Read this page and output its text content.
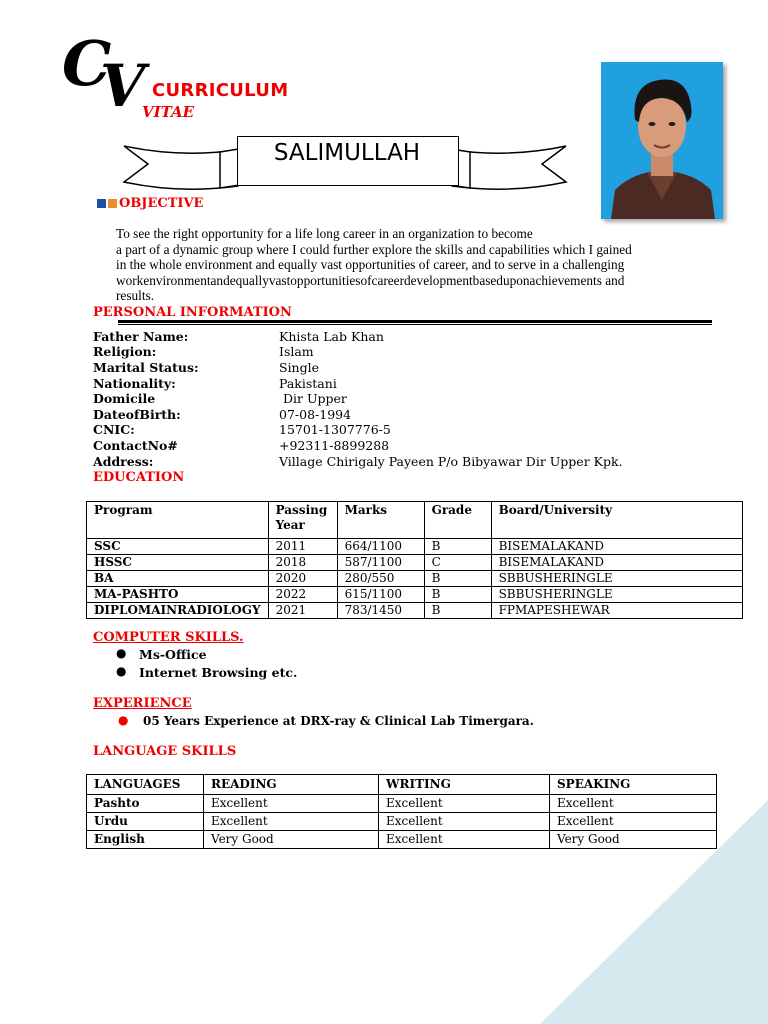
C
V CURRICULUM
VITAE
SALIMULLAH
OBJECTIVE
To see the right opportunity for a life long career in an organization to become
a part of a dynamic group where I could further explore the skills and capabilities which I gained
in the whole environment and equally vast opportunities of career, and to serve in a challenging
workenvironmentandequallyvastopportunitiesofcareerdevelopmentbaseduponachievements and
results.
PERSONAL INFORMATION
Father Name:	Khista Lab Khan
Religion:	Islam
Marital Status:	Single
Nationality:	Pakistani
Domicile	Dir Upper
DateofBirth:	07-08-1994
CNIC:	15701-1307776-5
ContactNo#	+92311-8899288
Address:	Village Chirigaly Payeen P/o Bibyawar Dir Upper Kpk.
EDUCATION
Program	Passing Year	Marks	Grade	Board/University
SSC	2011	664/1100	B	BISEMALAKAND
HSSC	2018	587/1100	C	BISEMALAKAND
BA	2020	280/550	B	SBBUSHERINGLE
MA-PASHTO	2022	615/1100	B	SBBUSHERINGLE
DIPLOMAINRADIOLOGY	2021	783/1450	B	FPMAPESHEWAR
COMPUTER SKILLS.
● Ms-Office
● Internet Browsing etc.
EXPERIENCE
● 05 Years Experience at DRX-ray & Clinical Lab Timergara.
LANGUAGE SKILLS
LANGUAGES	READING	WRITING	SPEAKING
Pashto	Excellent	Excellent	Excellent
Urdu	Excellent	Excellent	Excellent
English	Very Good	Excellent	Very Good
